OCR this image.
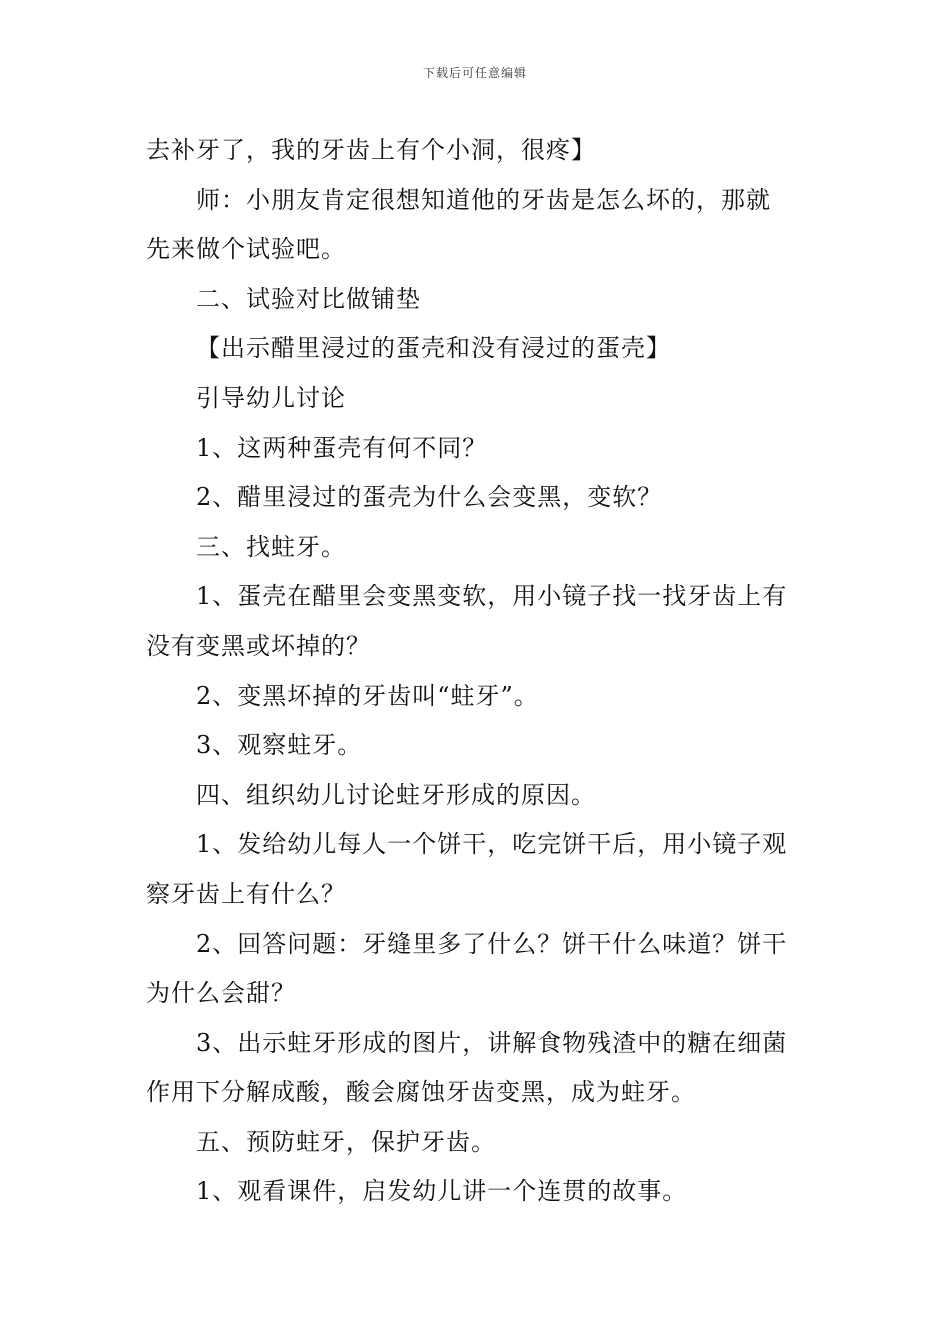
下载后可任意编辑
去补牙了，我的牙齿上有个小洞，很疼】
师：小朋友肯定很想知道他的牙齿是怎么坏的，那就
先来做个试验吧。
二、试验对比做铺垫
【出示醋里浸过的蛋壳和没有浸过的蛋壳】
引导幼儿讨论
1、这两种蛋壳有何不同？
2、醋里浸过的蛋壳为什么会变黑，变软？
三、找蛀牙。
1、蛋壳在醋里会变黑变软，用小镜子找一找牙齿上有
没有变黑或坏掉的？
2、变黑坏掉的牙齿叫“蛀牙”。
3、观察蛀牙。
四、组织幼儿讨论蛀牙形成的原因。
1、发给幼儿每人一个饼干，吃完饼干后，用小镜子观
察牙齿上有什么？
2、回答问题：牙缝里多了什么？饼干什么味道？饼干
为什么会甜？
3、出示蛀牙形成的图片，讲解食物残渣中的糖在细菌
作用下分解成酸，酸会腐蚀牙齿变黑，成为蛀牙。
五、预防蛀牙，保护牙齿。
1、观看课件，启发幼儿讲一个连贯的故事。
